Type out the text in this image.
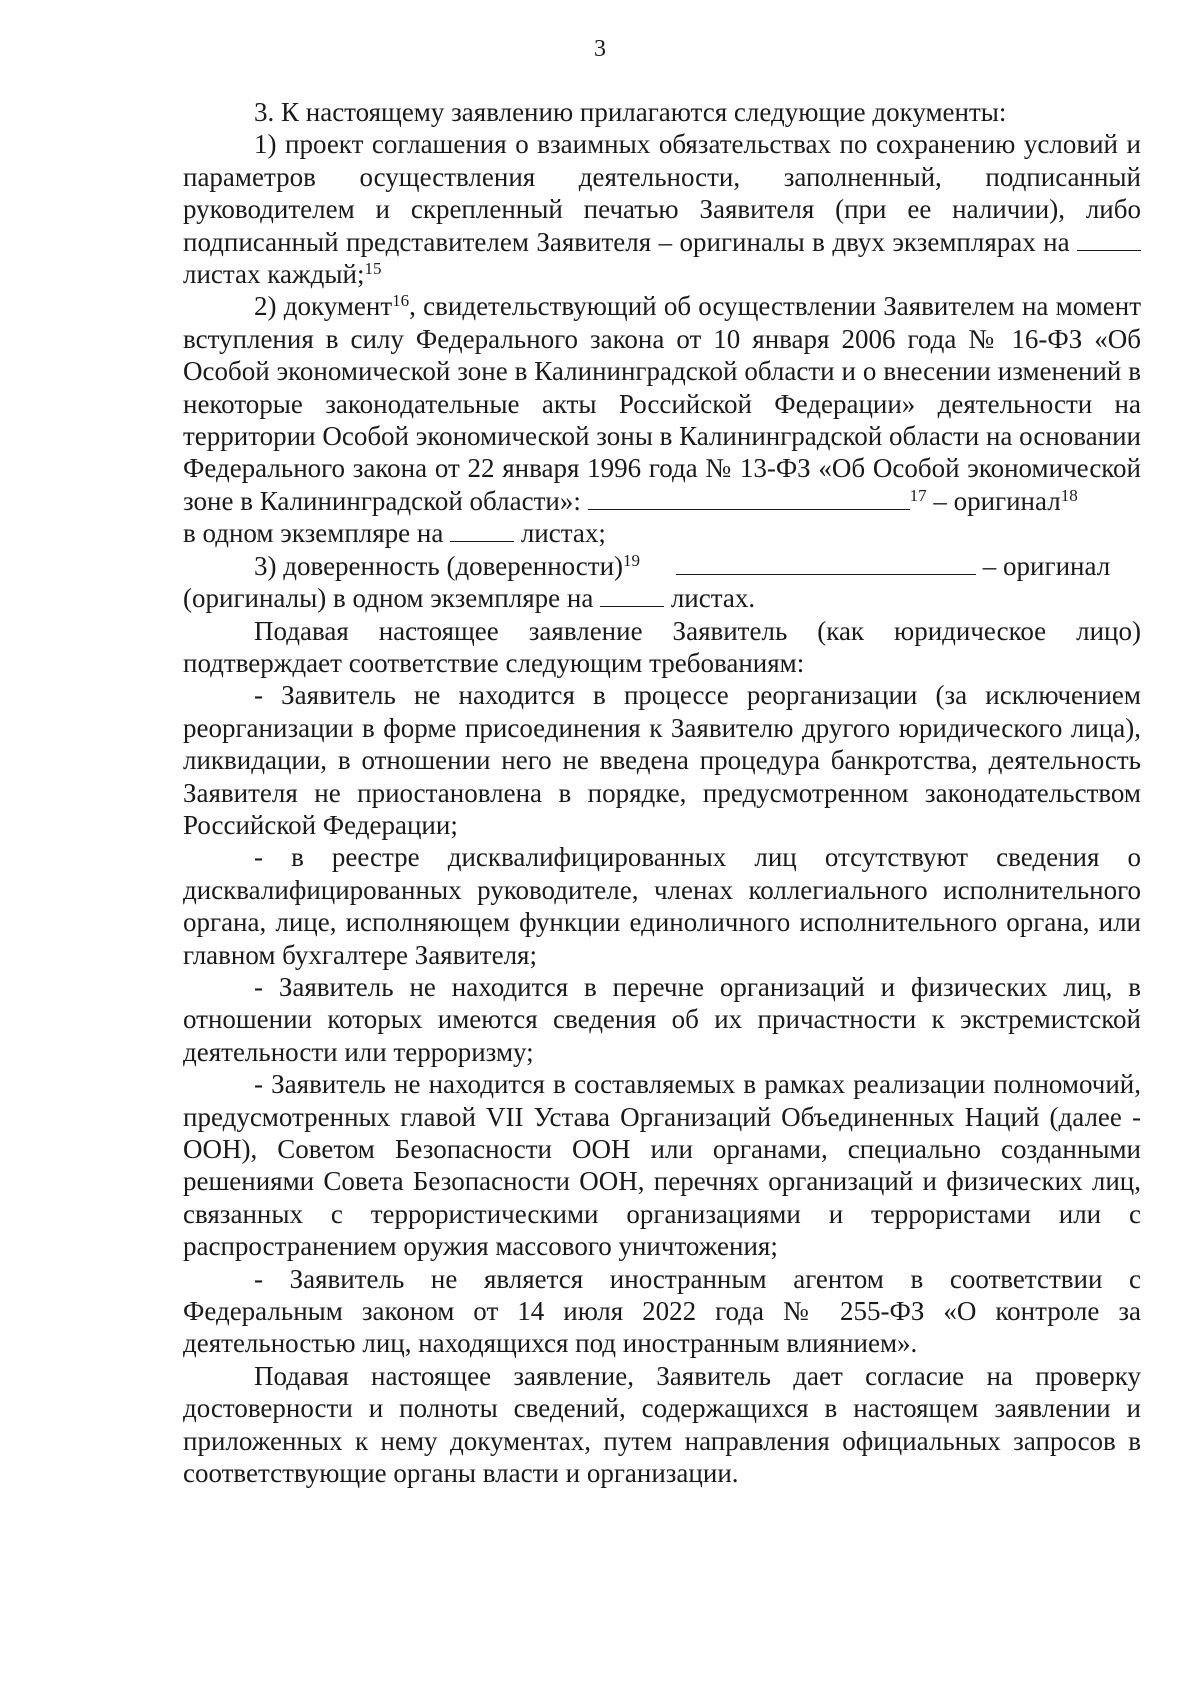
3

3. К настоящему заявлению прилагаются следующие документы:

1) проект соглашения о взаимных обязательствах по сохранению условий и параметров осуществления деятельности, заполненный, подписанный руководителем и скрепленный печатью Заявителя (при ее наличии), либо подписанный представителем Заявителя – оригиналы в двух экземплярах на  листах каждый;$^{15}$

2) документ$^{16}$, свидетельствующий об осуществлении Заявителем на момент вступления в силу Федерального закона от 10 января 2006 года № 16-ФЗ «Об Особой экономической зоне в Калининградской области и о внесении изменений в некоторые законодательные акты Российской Федерации» деятельности на территории Особой экономической зоны в Калининградской области на основании Федерального закона от 22 января 1996 года № 13-ФЗ «Об Особой экономической зоне в Калининградской области»:	$^{17}$ – оригинал$^{18}$

в одном экземпляре на	листах;

3) доверенность (доверенности)$^{19}$	– оригинал

(оригиналы) в одном экземпляре на	листах.

Подавая настоящее заявление Заявитель (как юридическое лицо) подтверждает соответствие следующим требованиям:

- Заявитель не находится в процессе реорганизации (за исключением реорганизации в форме присоединения к Заявителю другого юридического лица), ликвидации, в отношении него не введена процедура банкротства, деятельность Заявителя не приостановлена в порядке, предусмотренном законодательством Российской Федерации;

- в реестре дисквалифицированных лиц отсутствуют сведения о дисквалифицированных руководителе, членах коллегиального исполнительного органа, лице, исполняющем функции единоличного исполнительного органа, или главном бухгалтере Заявителя;

- Заявитель не находится в перечне организаций и физических лиц, в отношении которых имеются сведения об их причастности к экстремистской деятельности или терроризму;

- Заявитель не находится в составляемых в рамках реализации полномочий, предусмотренных главой VII Устава Организаций Объединенных Наций (далее - ООН), Советом Безопасности ООН или органами, специально созданными решениями Совета Безопасности ООН, перечнях организаций и физических лиц, связанных с террористическими организациями и террористами или с распространением оружия массового уничтожения;

- Заявитель не является иностранным агентом в соответствии с Федеральным законом от 14 июля 2022 года № 255-ФЗ «О контроле за деятельностью лиц, находящихся под иностранным влиянием».

Подавая настоящее заявление, Заявитель дает согласие на проверку достоверности и полноты сведений, содержащихся в настоящем заявлении и приложенных к нему документах, путем направления официальных запросов в соответствующие органы власти и организации.
